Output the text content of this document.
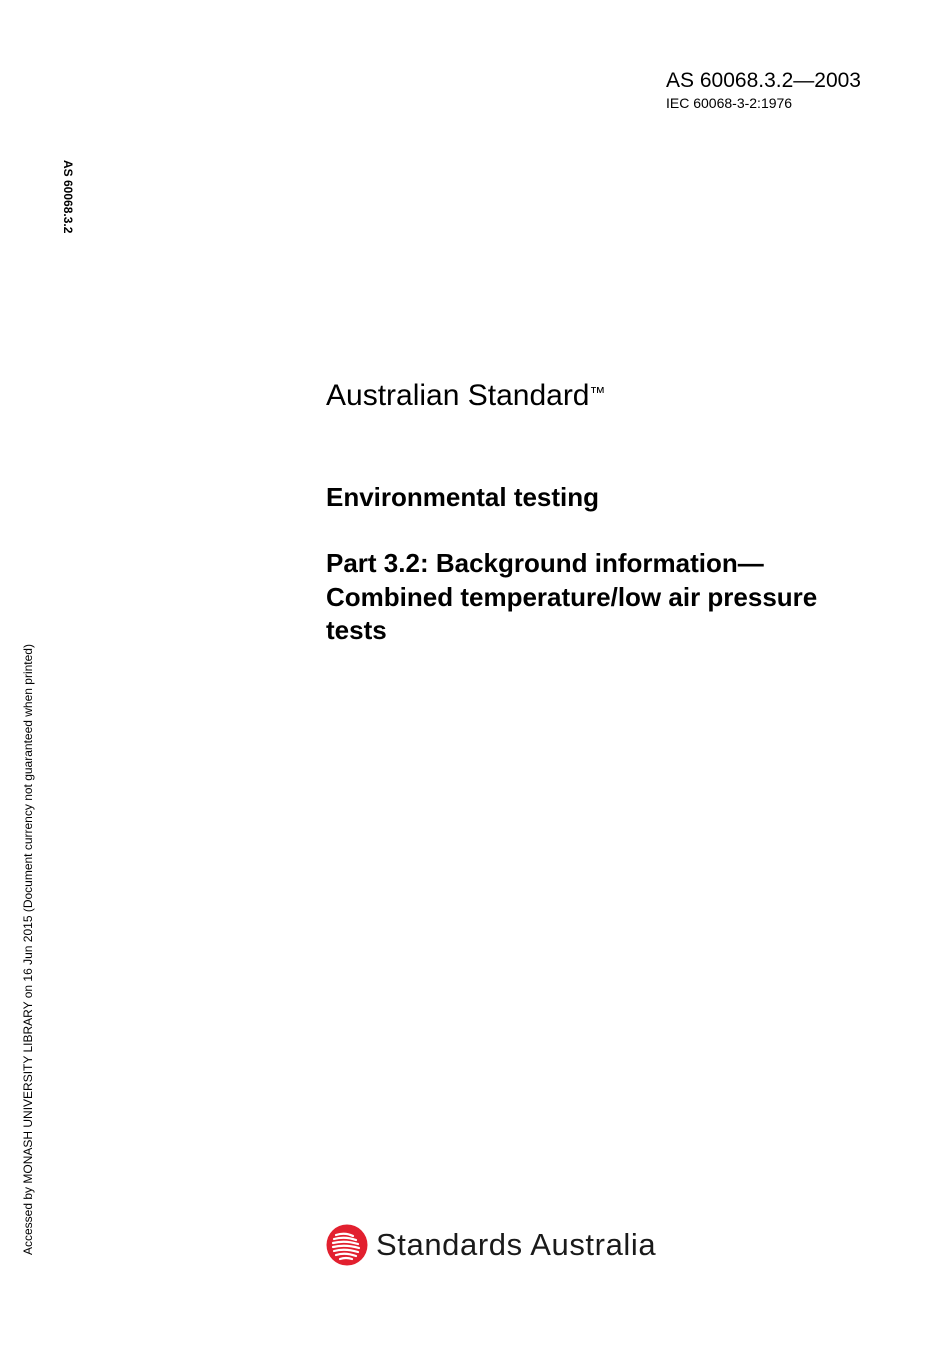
AS 60068.3.2—2003
IEC 60068-3-2:1976
AS 60068.3.2
Accessed by MONASH UNIVERSITY LIBRARY on 16 Jun 2015 (Document currency not guaranteed when printed)
Australian Standard™
Environmental testing
Part 3.2: Background information—
Combined temperature/low air pressure
tests
Standards Australia
